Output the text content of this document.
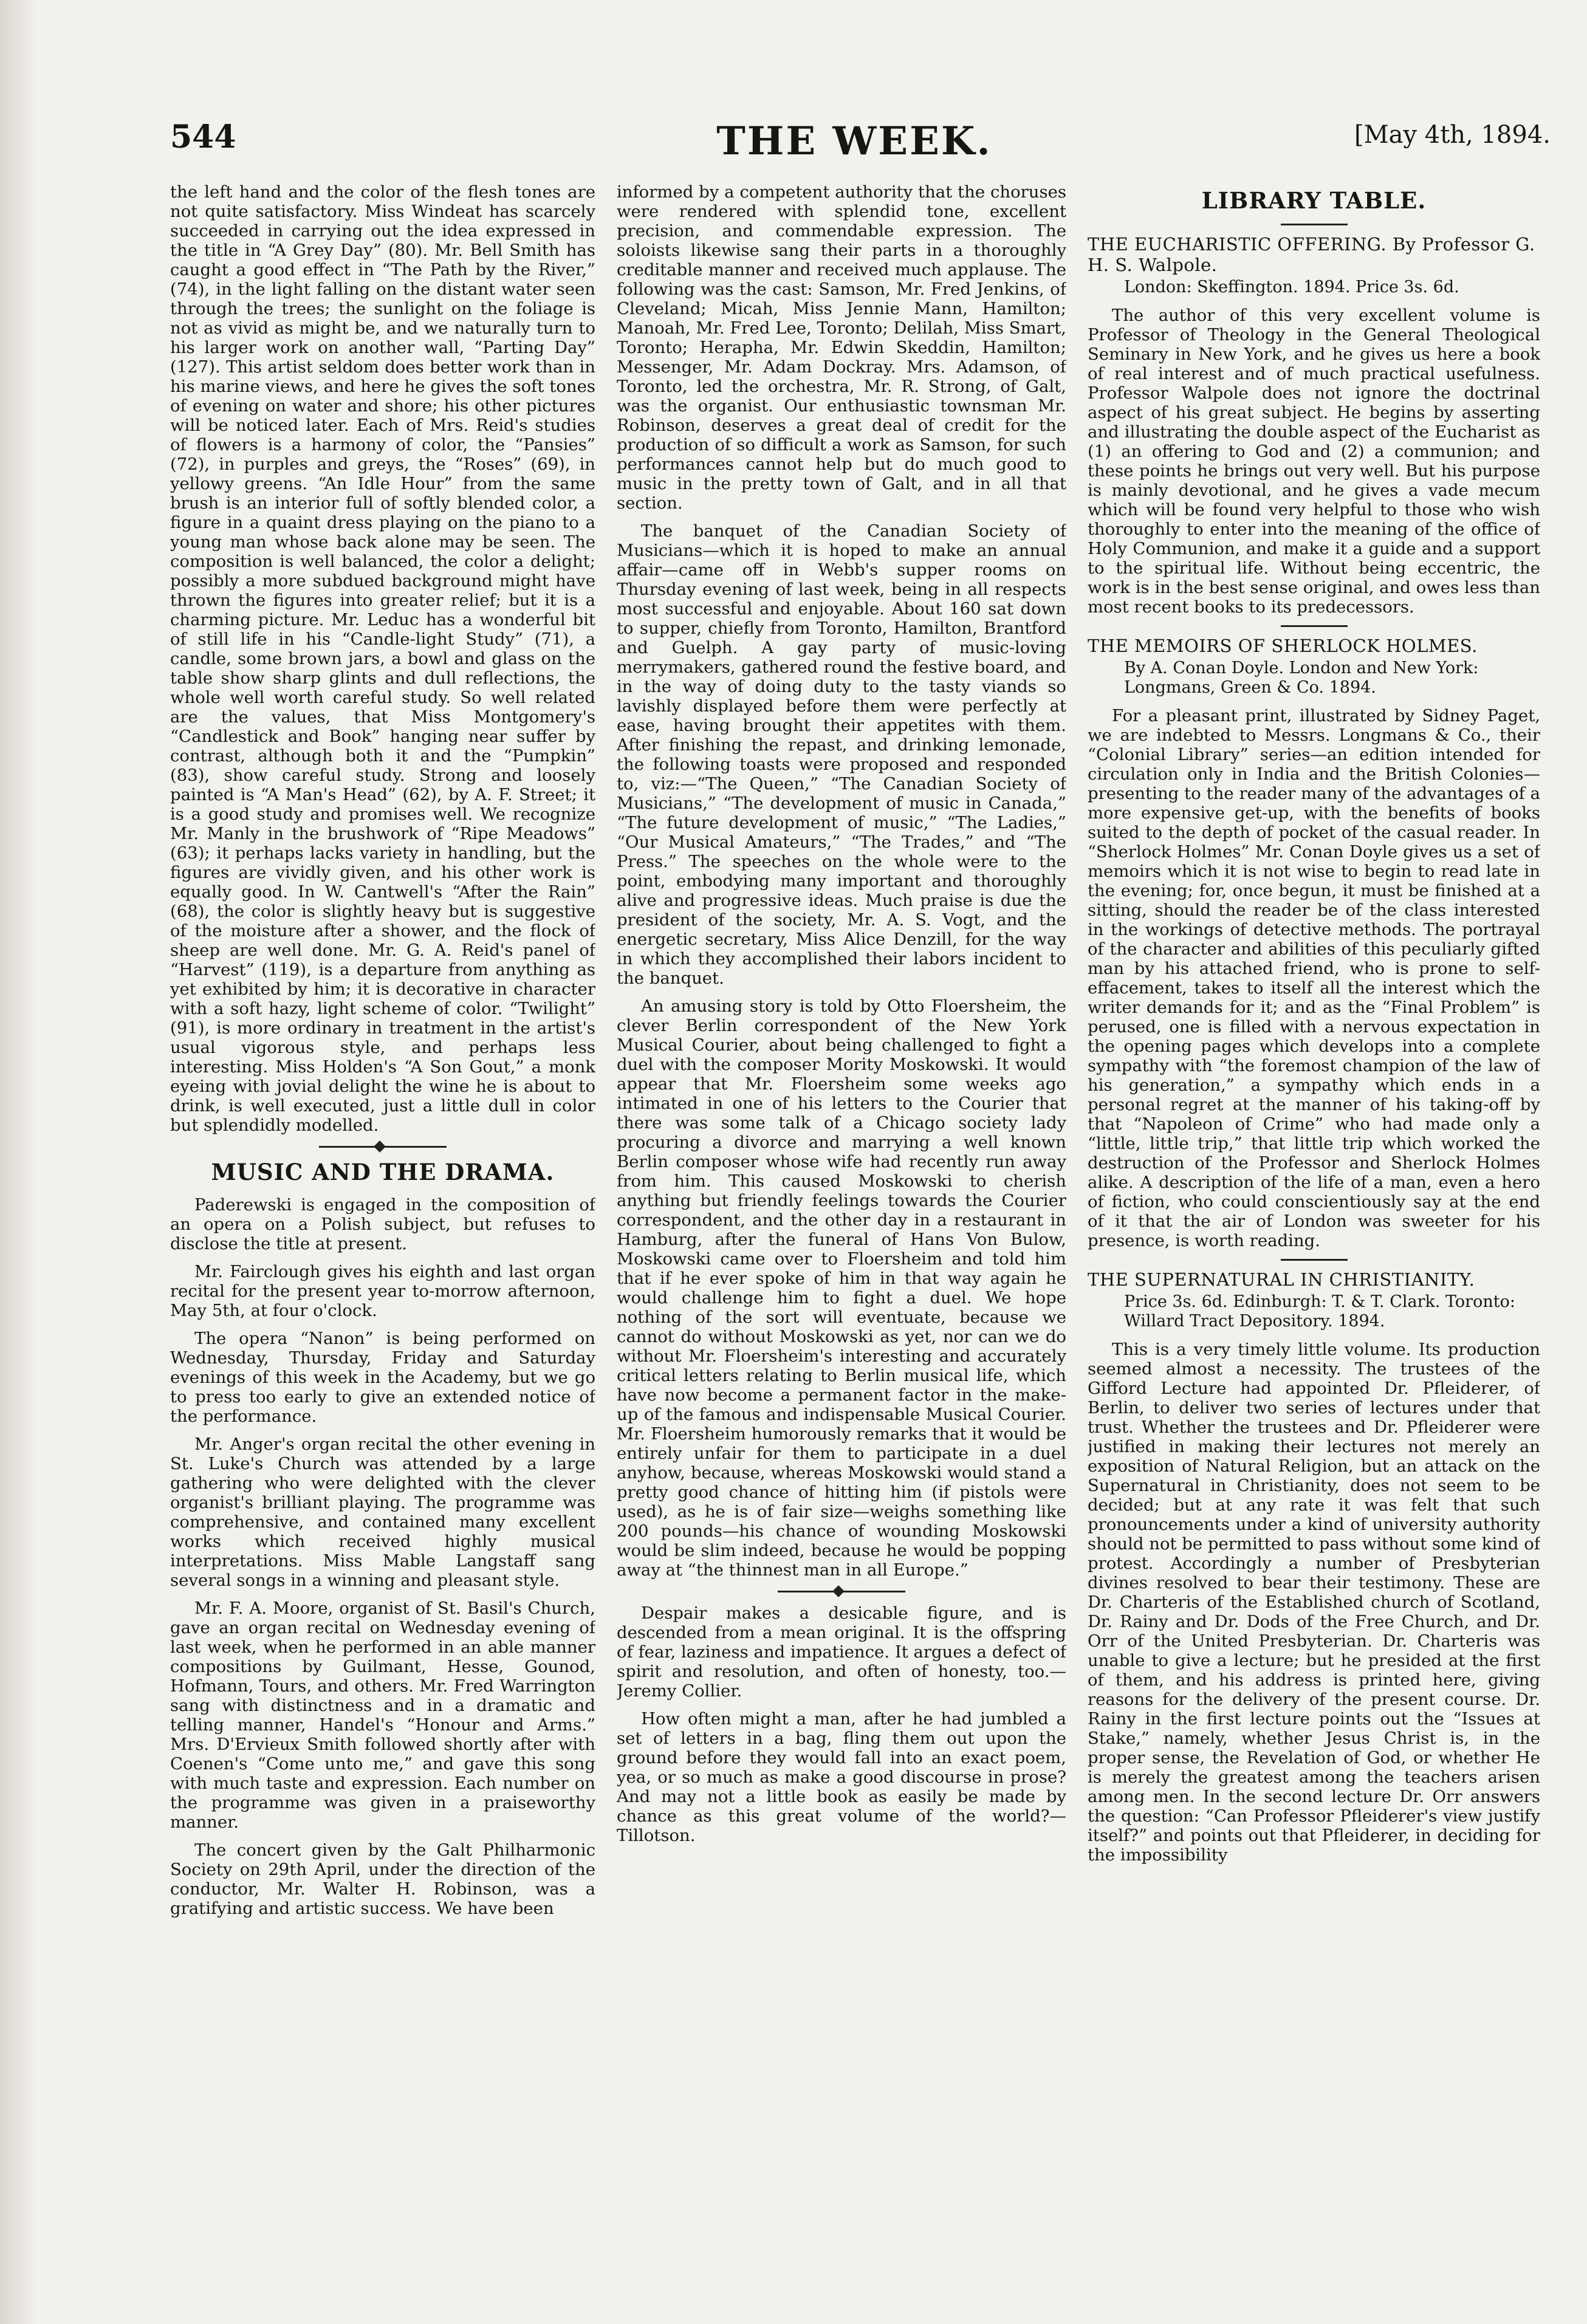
544	THE WEEK.	[May 4th, 1894.

the left hand and the color of the flesh tones are not quite satisfactory. Miss Windeat has scarcely succeeded in carrying out the idea expressed in the title in “A Grey Day” (80). Mr. Bell Smith has caught a good effect in “The Path by the River,” (74), in the light falling on the distant water seen through the trees; the sunlight on the foliage is not as vivid as might be, and we naturally turn to his larger work on another wall, “Parting Day” (127). This artist seldom does better work than in his marine views, and here he gives the soft tones of evening on water and shore; his other pictures will be noticed later. Each of Mrs. Reid's studies of flowers is a harmony of color, the “Pansies” (72), in purples and greys, the “Roses” (69), in yellowy greens. “An Idle Hour” from the same brush is an interior full of softly blended color, a figure in a quaint dress playing on the piano to a young man whose back alone may be seen. The composition is well balanced, the color a delight; possibly a more subdued background might have thrown the figures into greater relief; but it is a charming picture. Mr. Leduc has a wonderful bit of still life in his “Candle-light Study” (71), a candle, some brown jars, a bowl and glass on the table show sharp glints and dull reflections, the whole well worth careful study. So well related are the values, that Miss Montgomery's “Candlestick and Book” hanging near suffer by contrast, although both it and the “Pumpkin” (83), show careful study. Strong and loosely painted is “A Man's Head” (62), by A. F. Street; it is a good study and promises well. We recognize Mr. Manly in the brushwork of “Ripe Meadows” (63); it perhaps lacks variety in handling, but the figures are vividly given, and his other work is equally good. In W. Cantwell's “After the Rain” (68), the color is slightly heavy but is suggestive of the moisture after a shower, and the flock of sheep are well done. Mr. G. A. Reid's panel of “Harvest” (119), is a departure from anything as yet exhibited by him; it is decorative in character with a soft hazy, light scheme of color. “Twilight” (91), is more ordinary in treatment in the artist's usual vigorous style, and perhaps less interesting. Miss Holden's “A Son Gout,” a monk eyeing with jovial delight the wine he is about to drink, is well executed, just a little dull in color but splendidly modelled.

MUSIC AND THE DRAMA.

Paderewski is engaged in the composition of an opera on a Polish subject, but refuses to disclose the title at present.

Mr. Fairclough gives his eighth and last organ recital for the present year to-morrow afternoon, May 5th, at four o'clock.

The opera “Nanon” is being performed on Wednesday, Thursday, Friday and Saturday evenings of this week in the Academy, but we go to press too early to give an extended notice of the performance.

Mr. Anger's organ recital the other evening in St. Luke's Church was attended by a large gathering who were delighted with the clever organist's brilliant playing. The programme was comprehensive, and contained many excellent works which received highly musical interpretations. Miss Mable Langstaff sang several songs in a winning and pleasant style.

Mr. F. A. Moore, organist of St. Basil's Church, gave an organ recital on Wednesday evening of last week, when he performed in an able manner compositions by Guilmant, Hesse, Gounod, Hofmann, Tours, and others. Mr. Fred Warrington sang with distinctness and in a dramatic and telling manner, Handel's “Honour and Arms.” Mrs. D'Ervieux Smith followed shortly after with Coenen's “Come unto me,” and gave this song with much taste and expression. Each number on the programme was given in a praiseworthy manner.

The concert given by the Galt Philharmonic Society on 29th April, under the direction of the conductor, Mr. Walter H. Robinson, was a gratifying and artistic success. We have been

informed by a competent authority that the choruses were rendered with splendid tone, excellent precision, and commendable expression. The soloists likewise sang their parts in a thoroughly creditable manner and received much applause. The following was the cast: Samson, Mr. Fred Jenkins, of Cleveland; Micah, Miss Jennie Mann, Hamilton; Manoah, Mr. Fred Lee, Toronto; Delilah, Miss Smart, Toronto; Herapha, Mr. Edwin Skeddin, Hamilton; Messenger, Mr. Adam Dockray. Mrs. Adamson, of Toronto, led the orchestra, Mr. R. Strong, of Galt, was the organist. Our enthusiastic townsman Mr. Robinson, deserves a great deal of credit for the production of so difficult a work as Samson, for such performances cannot help but do much good to music in the pretty town of Galt, and in all that section.

The banquet of the Canadian Society of Musicians—which it is hoped to make an annual affair—came off in Webb's supper rooms on Thursday evening of last week, being in all respects most successful and enjoyable. About 160 sat down to supper, chiefly from Toronto, Hamilton, Brantford and Guelph. A gay party of music-loving merrymakers, gathered round the festive board, and in the way of doing duty to the tasty viands so lavishly displayed before them were perfectly at ease, having brought their appetites with them. After finishing the repast, and drinking lemonade, the following toasts were proposed and responded to, viz:—“The Queen,” “The Canadian Society of Musicians,” “The development of music in Canada,” “The future development of music,” “The Ladies,” “Our Musical Amateurs,” “The Trades,” and “The Press.” The speeches on the whole were to the point, embodying many important and thoroughly alive and progressive ideas. Much praise is due the president of the society, Mr. A. S. Vogt, and the energetic secretary, Miss Alice Denzill, for the way in which they accomplished their labors incident to the banquet.

An amusing story is told by Otto Floersheim, the clever Berlin correspondent of the New York Musical Courier, about being challenged to fight a duel with the composer Mority Moskowski. It would appear that Mr. Floersheim some weeks ago intimated in one of his letters to the Courier that there was some talk of a Chicago society lady procuring a divorce and marrying a well known Berlin composer whose wife had recently run away from him. This caused Moskowski to cherish anything but friendly feelings towards the Courier correspondent, and the other day in a restaurant in Hamburg, after the funeral of Hans Von Bulow, Moskowski came over to Floersheim and told him that if he ever spoke of him in that way again he would challenge him to fight a duel. We hope nothing of the sort will eventuate, because we cannot do without Moskowski as yet, nor can we do without Mr. Floersheim's interesting and accurately critical letters relating to Berlin musical life, which have now become a permanent factor in the make-up of the famous and indispensable Musical Courier. Mr. Floersheim humorously remarks that it would be entirely unfair for them to participate in a duel anyhow, because, whereas Moskowski would stand a pretty good chance of hitting him (if pistols were used), as he is of fair size—weighs something like 200 pounds—his chance of wounding Moskowski would be slim indeed, because he would be popping away at “the thinnest man in all Europe.”

Despair makes a desicable figure, and is descended from a mean original. It is the offspring of fear, laziness and impatience. It argues a defect of spirit and resolution, and often of honesty, too.—Jeremy Collier.

How often might a man, after he had jumbled a set of letters in a bag, fling them out upon the ground before they would fall into an exact poem, yea, or so much as make a good discourse in prose? And may not a little book as easily be made by chance as this great volume of the world?—Tillotson.

LIBRARY TABLE.
THE EUCHARISTIC OFFERING. By Professor G. H. S. Walpole.
London: Skeffington. 1894. Price 3s. 6d.

The author of this very excellent volume is Professor of Theology in the General Theological Seminary in New York, and he gives us here a book of real interest and of much practical usefulness. Professor Walpole does not ignore the doctrinal aspect of his great subject. He begins by asserting and illustrating the double aspect of the Eucharist as (1) an offering to God and (2) a communion; and these points he brings out very well. But his purpose is mainly devotional, and he gives a vade mecum which will be found very helpful to those who wish thoroughly to enter into the meaning of the office of Holy Communion, and make it a guide and a support to the spiritual life. Without being eccentric, the work is in the best sense original, and owes less than most recent books to its predecessors.

THE MEMOIRS OF SHERLOCK HOLMES.
By A. Conan Doyle. London and New York: Longmans, Green & Co. 1894.

For a pleasant print, illustrated by Sidney Paget, we are indebted to Messrs. Longmans & Co., their “Colonial Library” series—an edition intended for circulation only in India and the British Colonies—presenting to the reader many of the advantages of a more expensive get-up, with the benefits of books suited to the depth of pocket of the casual reader. In “Sherlock Holmes” Mr. Conan Doyle gives us a set of memoirs which it is not wise to begin to read late in the evening; for, once begun, it must be finished at a sitting, should the reader be of the class interested in the workings of detective methods. The portrayal of the character and abilities of this peculiarly gifted man by his attached friend, who is prone to self-effacement, takes to itself all the interest which the writer demands for it; and as the “Final Problem” is perused, one is filled with a nervous expectation in the opening pages which develops into a complete sympathy with “the foremost champion of the law of his generation,” a sympathy which ends in a personal regret at the manner of his taking-off by that “Napoleon of Crime” who had made only a “little, little trip,” that little trip which worked the destruction of the Professor and Sherlock Holmes alike. A description of the life of a man, even a hero of fiction, who could conscientiously say at the end of it that the air of London was sweeter for his presence, is worth reading.

THE SUPERNATURAL IN CHRISTIANITY.
Price 3s. 6d. Edinburgh: T. & T. Clark. Toronto: Willard Tract Depository. 1894.

This is a very timely little volume. Its production seemed almost a necessity. The trustees of the Gifford Lecture had appointed Dr. Pfleiderer, of Berlin, to deliver two series of lectures under that trust. Whether the trustees and Dr. Pfleiderer were justified in making their lectures not merely an exposition of Natural Religion, but an attack on the Supernatural in Christianity, does not seem to be decided; but at any rate it was felt that such pronouncements under a kind of university authority should not be permitted to pass without some kind of protest. Accordingly a number of Presbyterian divines resolved to bear their testimony. These are Dr. Charteris of the Established church of Scotland, Dr. Rainy and Dr. Dods of the Free Church, and Dr. Orr of the United Presbyterian. Dr. Charteris was unable to give a lecture; but he presided at the first of them, and his address is printed here, giving reasons for the delivery of the present course. Dr. Rainy in the first lecture points out the “Issues at Stake,” namely, whether Jesus Christ is, in the proper sense, the Revelation of God, or whether He is merely the greatest among the teachers arisen among men. In the second lecture Dr. Orr answers the question: “Can Professor Pfleiderer's view justify itself?” and points out that Pfleiderer, in deciding for the impossibility
